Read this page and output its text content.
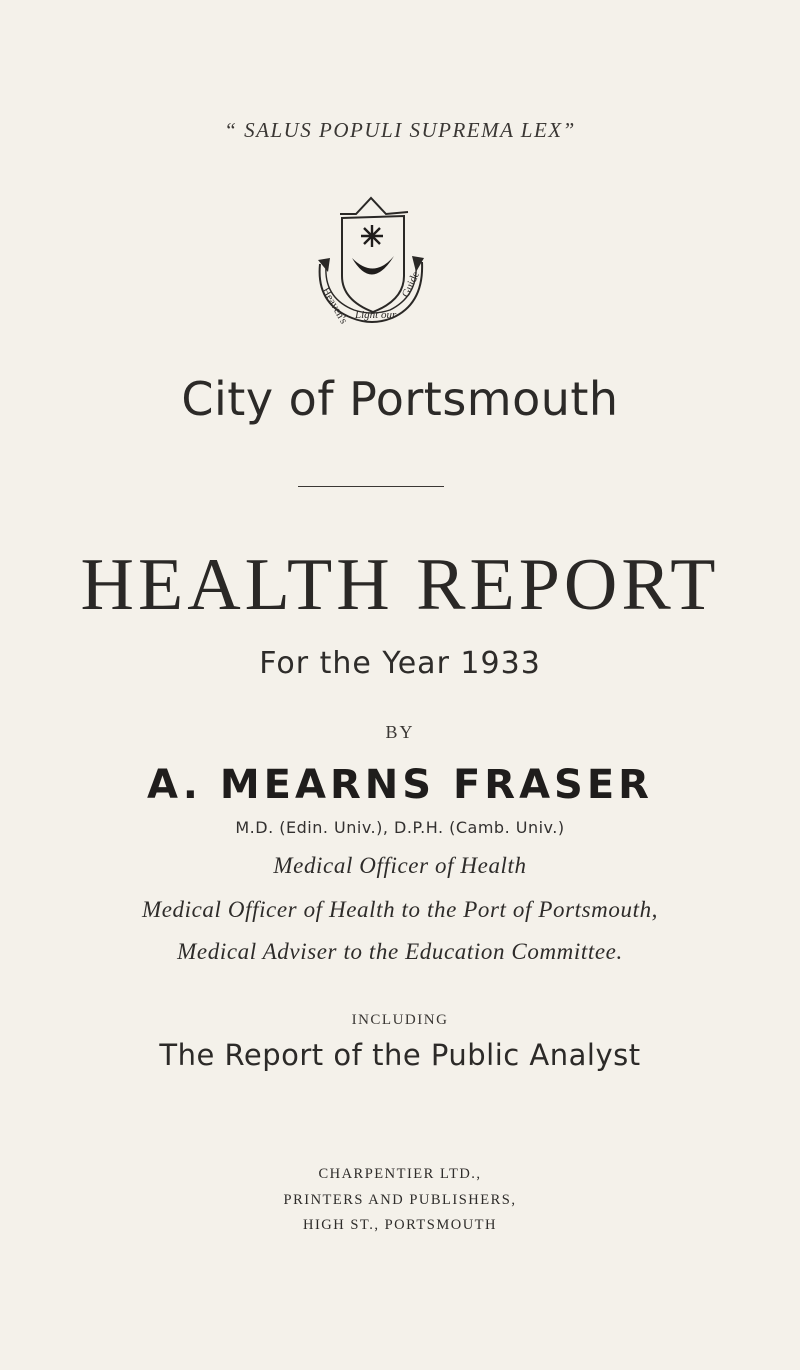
“ SALUS POPULI SUPREMA LEX”
Heaven's Light our
Guide
City of Portsmouth
HEALTH REPORT
For the Year 1933
BY
A. MEARNS FRASER
M.D. (Edin. Univ.), D.P.H. (Camb. Univ.)
Medical Officer of Health
Medical Officer of Health to the Port of Portsmouth,
Medical Adviser to the Education Committee.
INCLUDING
The Report of the Public Analyst
CHARPENTIER LTD.,
PRINTERS AND PUBLISHERS,
HIGH ST., PORTSMOUTH
